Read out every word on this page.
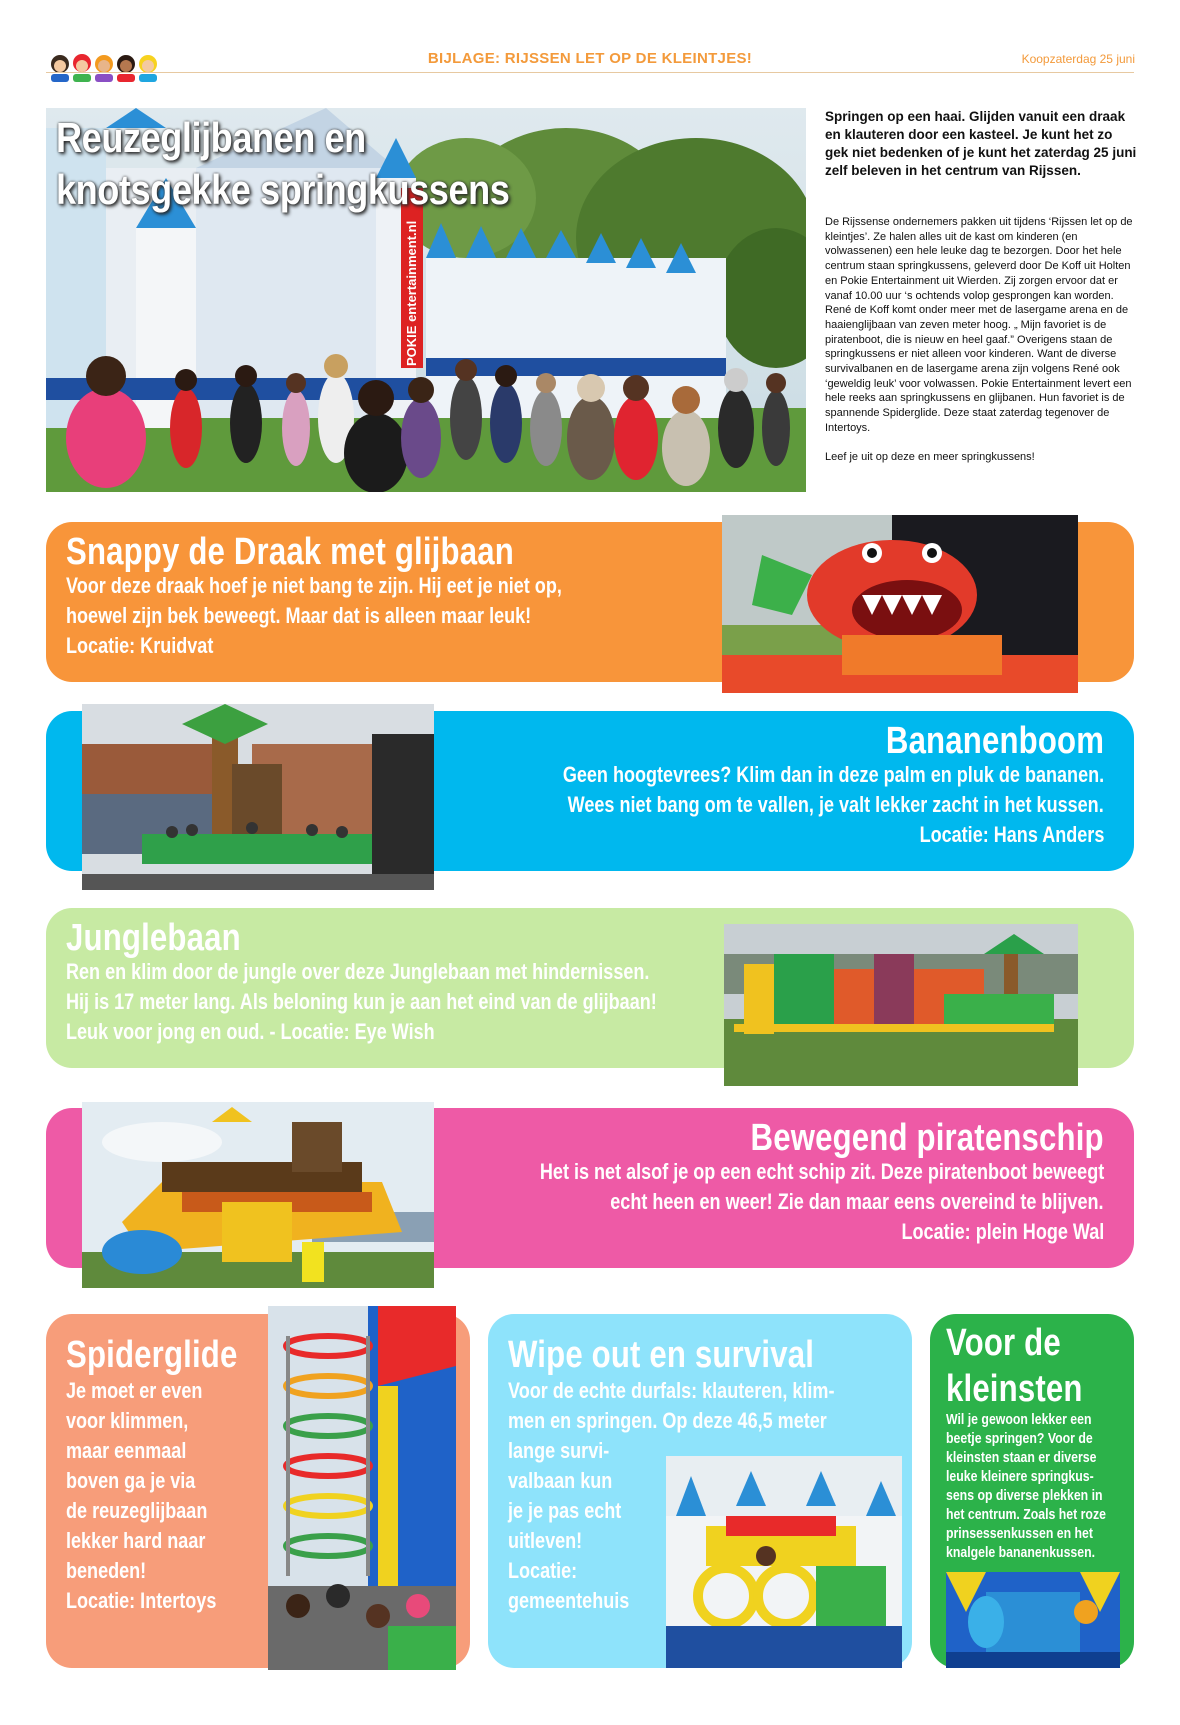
BIJLAGE: RIJSSEN LET OP DE KLEINTJES!	Koopzaterdag 25 juni
POKIE entertainment.nl
Reuzeglijbanen en
knotsgekke springkussens
Springen op een haai. Glijden vanuit een draak en klauteren door een kasteel. Je kunt het zo gek niet bedenken of je kunt het zaterdag 25 juni zelf beleven in het centrum van Rijssen.

De Rijssense ondernemers pakken uit tijdens ‘Rijssen let op de kleintjes’. Ze halen alles uit de kast om kinderen (en volwassenen) een hele leuke dag te bezorgen. Door het hele centrum staan springkussens, geleverd door De Koff uit Holten en Pokie Entertainment uit Wierden. Zij zorgen ervoor dat er vanaf 10.00 uur ‘s ochtends volop gesprongen kan worden. René de Koff komt onder meer met de lasergame arena en de haaienglijbaan van zeven meter hoog. „ Mijn favoriet is de piratenboot, die is nieuw en heel gaaf.” Overigens staan de springkussens er niet alleen voor kinderen. Want de diverse survivalbanen en de lasergame arena zijn volgens René ook ‘geweldig leuk’ voor volwassen. Pokie Entertainment levert een hele reeks aan springkussens en glijbanen. Hun favoriet is de spannende Spiderglide. Deze staat zaterdag tegenover de Intertoys.

Leef je uit op deze en meer springkussens!

Snappy de Draak met glijbaan
Voor deze draak hoef je niet bang te zijn. Hij eet je niet op,
hoewel zijn bek beweegt. Maar dat is alleen maar leuk!
Locatie: Kruidvat
Bananenboom
Geen hoogtevrees? Klim dan in deze palm en pluk de bananen.
Wees niet bang om te vallen, je valt lekker zacht in het kussen.
Locatie: Hans Anders
Junglebaan
Ren en klim door de jungle over deze Junglebaan met hindernissen.
Hij is 17 meter lang. Als beloning kun je aan het eind van de glijbaan!
Leuk voor jong en oud. - Locatie: Eye Wish
Bewegend piratenschip
Het is net alsof je op een echt schip zit. Deze piratenboot beweegt
echt heen en weer! Zie dan maar eens overeind te blijven.
Locatie: plein Hoge Wal
Spiderglide
Je moet er even
voor klimmen,
maar eenmaal
boven ga je via
de reuzeglijbaan
lekker hard naar
beneden!
Locatie: Intertoys
Wipe out en survival
Voor de echte durfals: klauteren, klim-
men en springen. Op deze 46,5 meter
lange survi-
valbaan kun
je je pas echt
uitleven!
Locatie:
gemeentehuis
Voor de
kleinsten
Wil je gewoon lekker een
beetje springen? Voor de
kleinsten staan er diverse
leuke kleinere springkus-
sens op diverse plekken in
het centrum. Zoals het roze
prinsessenkussen en het
knalgele bananenkussen.
